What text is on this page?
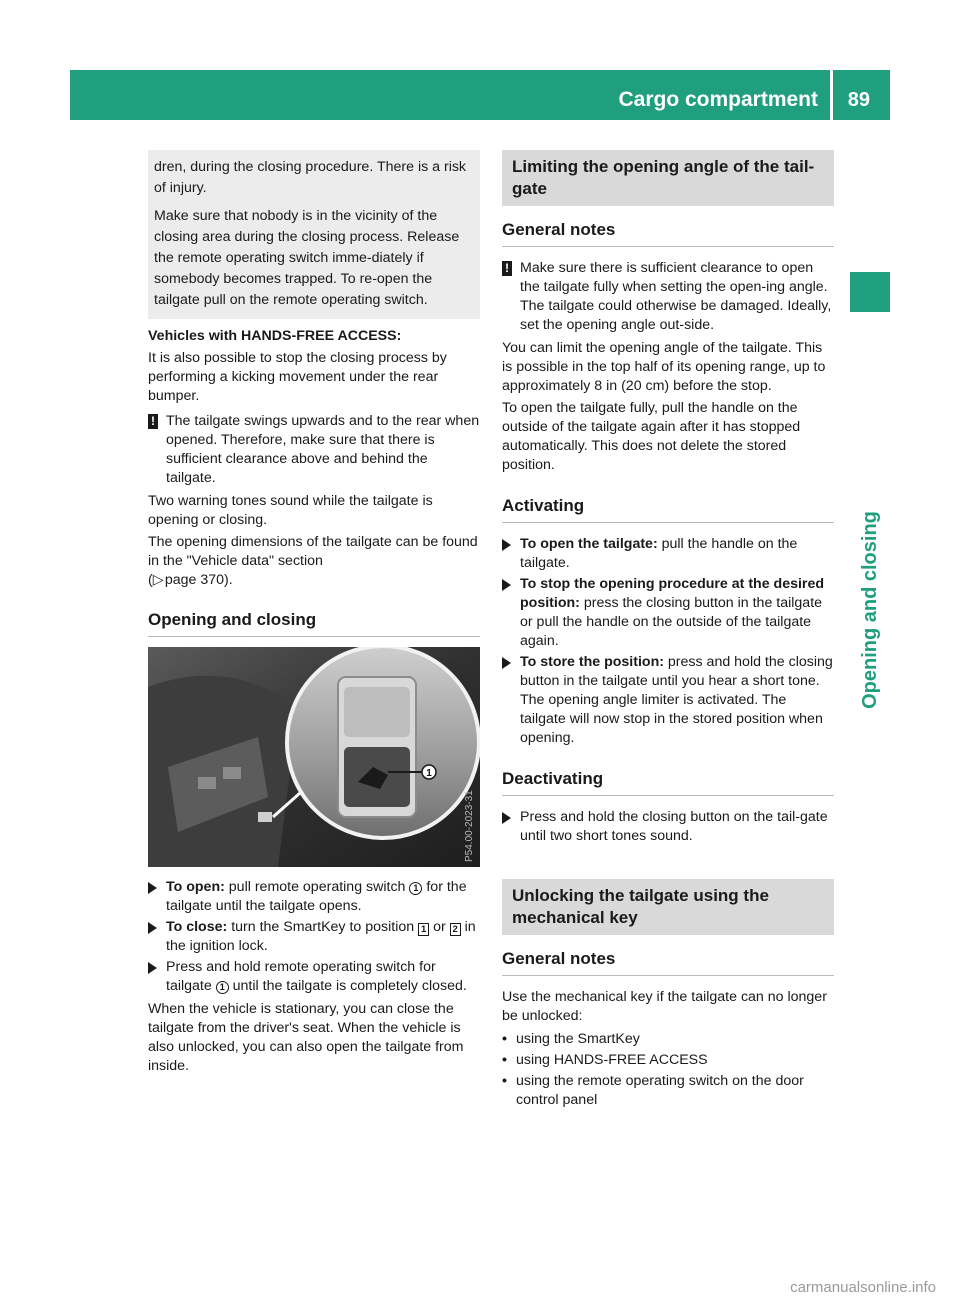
Cargo compartment 89
Opening and closing

dren, during the closing procedure. There is a risk of injury.

Make sure that nobody is in the vicinity of the closing area during the closing process. Release the remote operating switch imme-diately if somebody becomes trapped. To re-open the tailgate pull on the remote operating switch.

Vehicles with HANDS-FREE ACCESS:

It is also possible to stop the closing process by performing a kicking movement under the rear bumper.

! The tailgate swings upwards and to the rear when opened. Therefore, make sure that there is sufficient clearance above and behind the tailgate.

Two warning tones sound while the tailgate is opening or closing.

The opening dimensions of the tailgate can be found in the "Vehicle data" section
(▷ page 370).

Opening and closing
1
P54.00-2023-31
To open: pull remote operating switch 1 for the tailgate until the tailgate opens.
To close: turn the SmartKey to position 1 or 2 in the ignition lock.
Press and hold remote operating switch for tailgate 1 until the tailgate is completely closed.

When the vehicle is stationary, you can close the tailgate from the driver's seat. When the vehicle is also unlocked, you can also open the tailgate from inside.

Limiting the opening angle of the tail-gate
General notes
! Make sure there is sufficient clearance to open the tailgate fully when setting the open-ing angle. The tailgate could otherwise be damaged. Ideally, set the opening angle out-side.

You can limit the opening angle of the tailgate. This is possible in the top half of its opening range, up to approximately 8 in (20 cm) before the stop.

To open the tailgate fully, pull the handle on the outside of the tailgate again after it has stopped automatically. This does not delete the stored position.

Activating
To open the tailgate: pull the handle on the tailgate.
To stop the opening procedure at the desired position: press the closing button in the tailgate or pull the handle on the outside of the tailgate again.
To store the position: press and hold the closing button in the tailgate until you hear a short tone.
The opening angle limiter is activated. The tailgate will now stop in the stored position when opening.
Deactivating
Press and hold the closing button on the tail-gate until two short tones sound.
Unlocking the tailgate using the mechanical key
General notes

Use the mechanical key if the tailgate can no longer be unlocked:

• using the SmartKey
• using HANDS-FREE ACCESS
• using the remote operating switch on the door control panel
carmanualsonline.info
